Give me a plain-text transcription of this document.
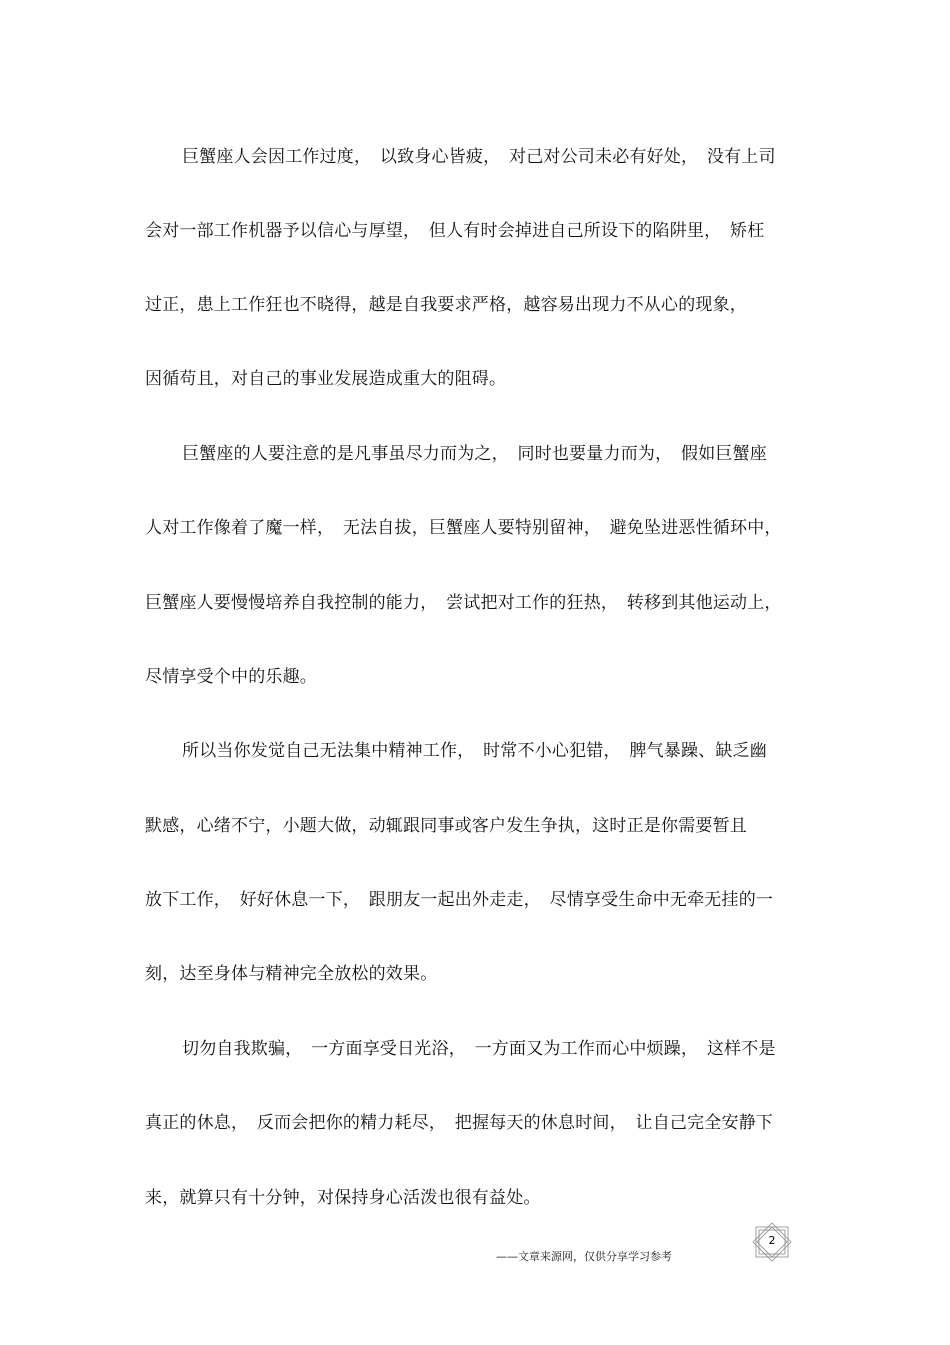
巨蟹座人会因工作过度，　以致身心皆疲，　对己对公司未必有好处，　没有上司
会对一部工作机器予以信心与厚望，　但人有时会掉进自己所设下的陷阱里，　矫枉
过正，患上工作狂也不晓得，越是自我要求严格，越容易出现力不从心的现象，
因循苟且，对自己的事业发展造成重大的阻碍。
巨蟹座的人要注意的是凡事虽尽力而为之，　同时也要量力而为，　假如巨蟹座
人对工作像着了魔一样，　无法自拔，巨蟹座人要特别留神，　避免坠进恶性循环中，
巨蟹座人要慢慢培养自我控制的能力，　尝试把对工作的狂热，　转移到其他运动上，
尽情享受个中的乐趣。
所以当你发觉自己无法集中精神工作，　时常不小心犯错，　脾气暴躁、缺乏幽
默感，心绪不宁，小题大做，动辄跟同事或客户发生争执，这时正是你需要暂且
放下工作，　好好休息一下，　跟朋友一起出外走走，　尽情享受生命中无牵无挂的一
刻，达至身体与精神完全放松的效果。
切勿自我欺骗，　一方面享受日光浴，　一方面又为工作而心中烦躁，　这样不是
真正的休息，　反而会把你的精力耗尽，　把握每天的休息时间，　让自己完全安静下
来，就算只有十分钟，对保持身心活泼也很有益处。
——文章来源网，仅供分享学习参考
2
